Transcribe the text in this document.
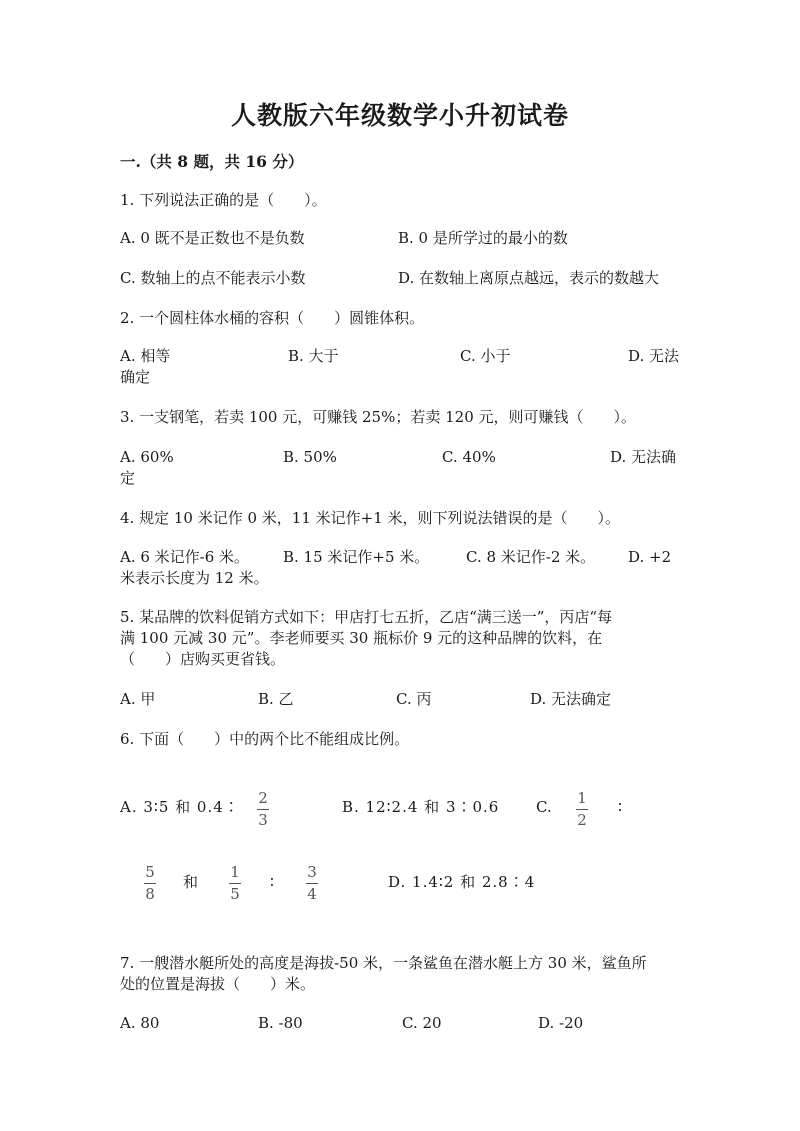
人教版六年级数学小升初试卷
一.（共 8 题，共 16 分）
1. 下列说法正确的是（　　）。
A. 0 既不是正数也不是负数	B. 0 是所学过的最小的数
C. 数轴上的点不能表示小数	D. 在数轴上离原点越远，表示的数越大
2. 一个圆柱体水桶的容积（　　）圆锥体积。
A. 相等	B. 大于	C. 小于	D. 无法
确定
3. 一支钢笔，若卖 100 元，可赚钱 25%；若卖 120 元，则可赚钱（　　）。
A. 60%	B. 50%	C. 40%	D. 无法确
定
4. 规定 10 米记作 0 米，11 米记作+1 米，则下列说法错误的是（　　）。
A. 6 米记作-6 米。 B. 15 米记作+5 米。 C. 8 米记作-2 米。 D. +2
米表示长度为 12 米。
5. 某品牌的饮料促销方式如下：甲店打七五折，乙店“满三送一”，丙店“每
满 100 元减 30 元”。李老师要买 30 瓶标价 9 元的这种品牌的饮料，在
（　　）店购买更省钱。
A. 甲	B. 乙	C. 丙	D. 无法确定
6. 下面（　　）中的两个比不能组成比例。
A. 3∶5 和 0.4∶ 2
3
B. 12∶2.4 和 3∶0.6 C. 1
2
∶
5
8
和
1
5
∶
3
4
D. 1.4∶2 和 2.8∶4
7. 一艘潜水艇所处的高度是海拔-50 米，一条鲨鱼在潜水艇上方 30 米，鲨鱼所
处的位置是海拔（　　）米。
A. 80	B. -80	C. 20	D. -20
